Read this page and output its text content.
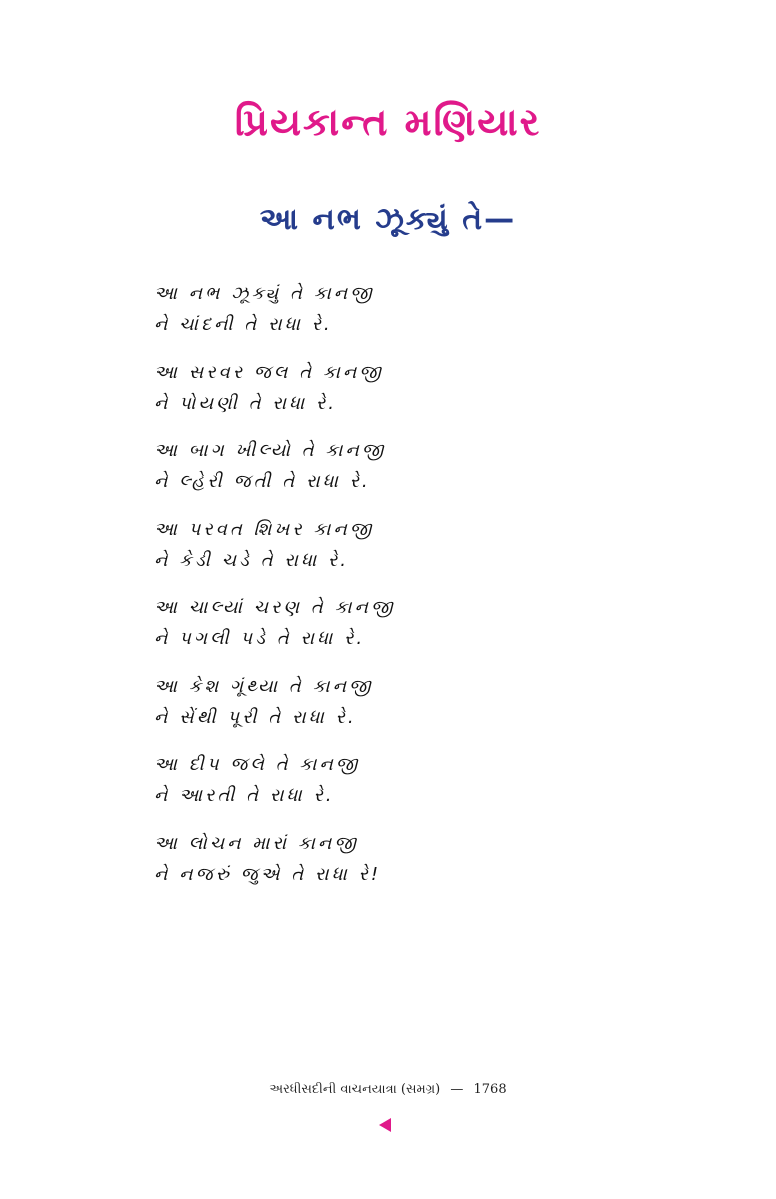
પ્રિયકાન્ત મણિયાર
આ નભ ઝૂક્યું તે—
આ નભ ઝૂક્યું તે કાનજી
ને ચાંદની તે રાધા રે.
આ સરવર જલ તે કાનજી
ને પોયણી તે રાધા રે.
આ બાગ ખીલ્યો તે કાનજી
ને લ્હેરી જતી તે રાધા રે.
આ પરવત શિખર કાનજી
ને કેડી ચડે તે રાધા રે.
આ ચાલ્યાં ચરણ તે કાનજી
ને પગલી પડે તે રાધા રે.
આ કેશ ગૂંથ્યા તે કાનજી
ને સેંથી પૂરી તે રાધા રે.
આ દીપ જલે તે કાનજી
ને આરતી તે રાધા રે.
આ લોચન મારાં કાનજી
ને નજરું જુએ તે રાધા રે!
અરધીસદીની વાચનયાત્રા (સમગ્ર) — 1768
